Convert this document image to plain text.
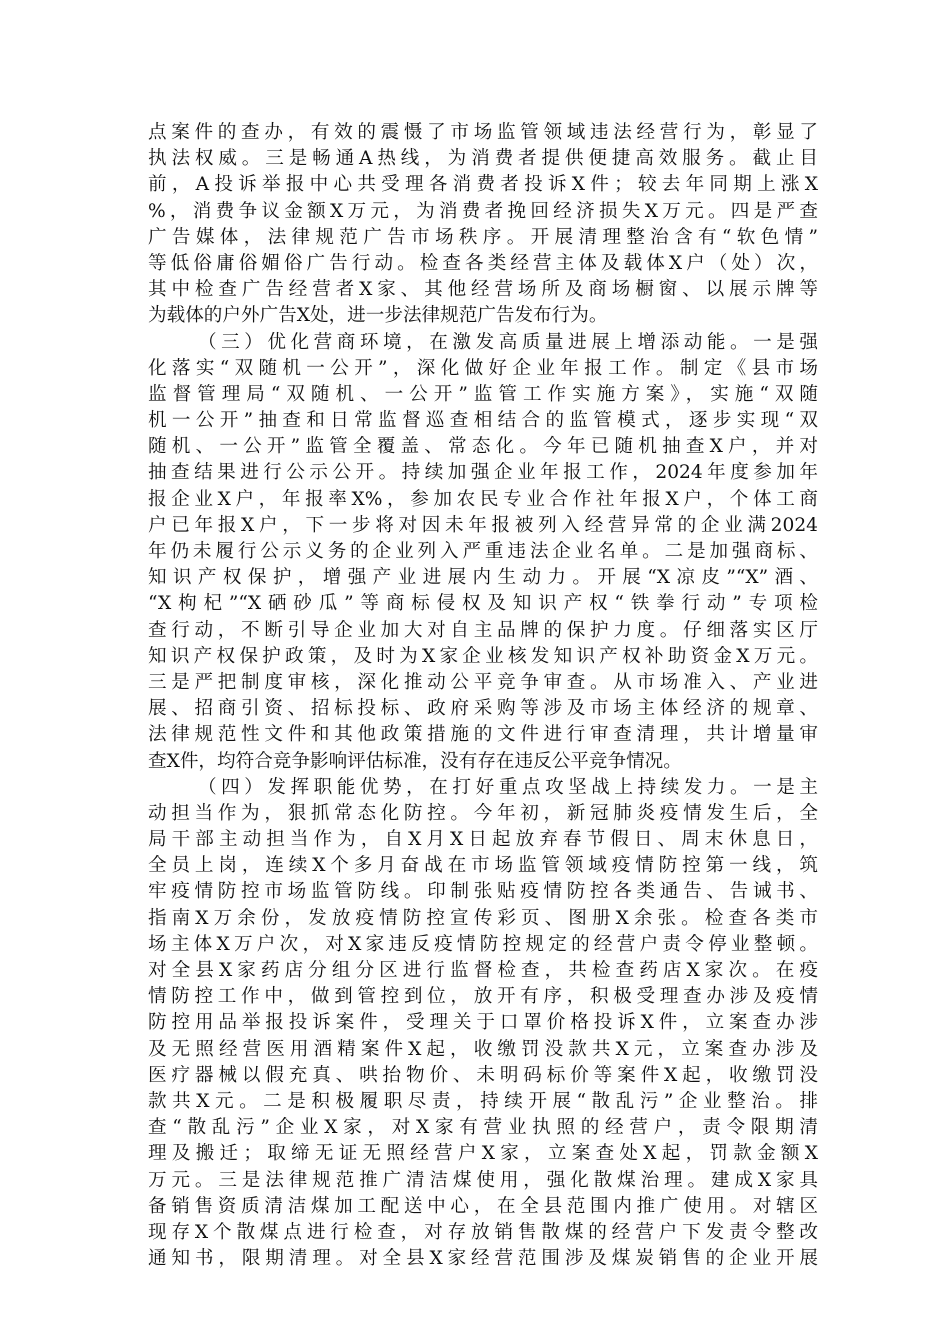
点案件的查办，有效的震慑了市场监管领域违法经营行为，彰显了
执法权威。三是畅通A热线，为消费者提供便捷高效服务。截止目
前，A投诉举报中心共受理各消费者投诉X件；较去年同期上涨X
%，消费争议金额X万元，为消费者挽回经济损失X万元。四是严查
广告媒体，法律规范广告市场秩序。开展清理整治含有“软色情”
等低俗庸俗媚俗广告行动。检查各类经营主体及载体X户（处）次，
其中检查广告经营者X家、其他经营场所及商场橱窗、以展示牌等
为载体的户外广告X处，进一步法律规范广告发布行为。
（三）优化营商环境，在激发高质量进展上增添动能。一是强
化落实“双随机一公开”，深化做好企业年报工作。制定《县市场
监督管理局“双随机、一公开”监管工作实施方案》，实施“双随
机一公开”抽查和日常监督巡查相结合的监管模式，逐步实现“双
随机、一公开”监管全覆盖、常态化。今年已随机抽查X户，并对
抽查结果进行公示公开。持续加强企业年报工作，2024年度参加年
报企业X户，年报率X%，参加农民专业合作社年报X户，个体工商
户已年报X户，下一步将对因未年报被列入经营异常的企业满2024
年仍未履行公示义务的企业列入严重违法企业名单。二是加强商标、
知识产权保护，增强产业进展内生动力。开展“X凉皮”“X”酒、
“X枸杞”“X硒砂瓜”等商标侵权及知识产权“铁拳行动”专项检
查行动，不断引导企业加大对自主品牌的保护力度。仔细落实区厅
知识产权保护政策，及时为X家企业核发知识产权补助资金X万元。
三是严把制度审核，深化推动公平竞争审查。从市场准入、产业进
展、招商引资、招标投标、政府采购等涉及市场主体经济的规章、
法律规范性文件和其他政策措施的文件进行审查清理，共计增量审
查X件，均符合竞争影响评估标准，没有存在违反公平竞争情况。
（四）发挥职能优势，在打好重点攻坚战上持续发力。一是主
动担当作为，狠抓常态化防控。今年初，新冠肺炎疫情发生后，全
局干部主动担当作为，自X月X日起放弃春节假日、周末休息日，
全员上岗，连续X个多月奋战在市场监管领域疫情防控第一线，筑
牢疫情防控市场监管防线。印制张贴疫情防控各类通告、告诫书、
指南X万余份，发放疫情防控宣传彩页、图册X余张。检查各类市
场主体X万户次，对X家违反疫情防控规定的经营户责令停业整顿。
对全县X家药店分组分区进行监督检查，共检查药店X家次。在疫
情防控工作中，做到管控到位，放开有序，积极受理查办涉及疫情
防控用品举报投诉案件，受理关于口罩价格投诉X件，立案查办涉
及无照经营医用酒精案件X起，收缴罚没款共X元，立案查办涉及
医疗器械以假充真、哄抬物价、未明码标价等案件X起，收缴罚没
款共X元。二是积极履职尽责，持续开展“散乱污”企业整治。排
查“散乱污”企业X家，对X家有营业执照的经营户，责令限期清
理及搬迁；取缔无证无照经营户X家，立案查处X起，罚款金额X
万元。三是法律规范推广清洁煤使用，强化散煤治理。建成X家具
备销售资质清洁煤加工配送中心，在全县范围内推广使用。对辖区
现存X个散煤点进行检查，对存放销售散煤的经营户下发责令整改
通知书，限期清理。对全县X家经营范围涉及煤炭销售的企业开展
